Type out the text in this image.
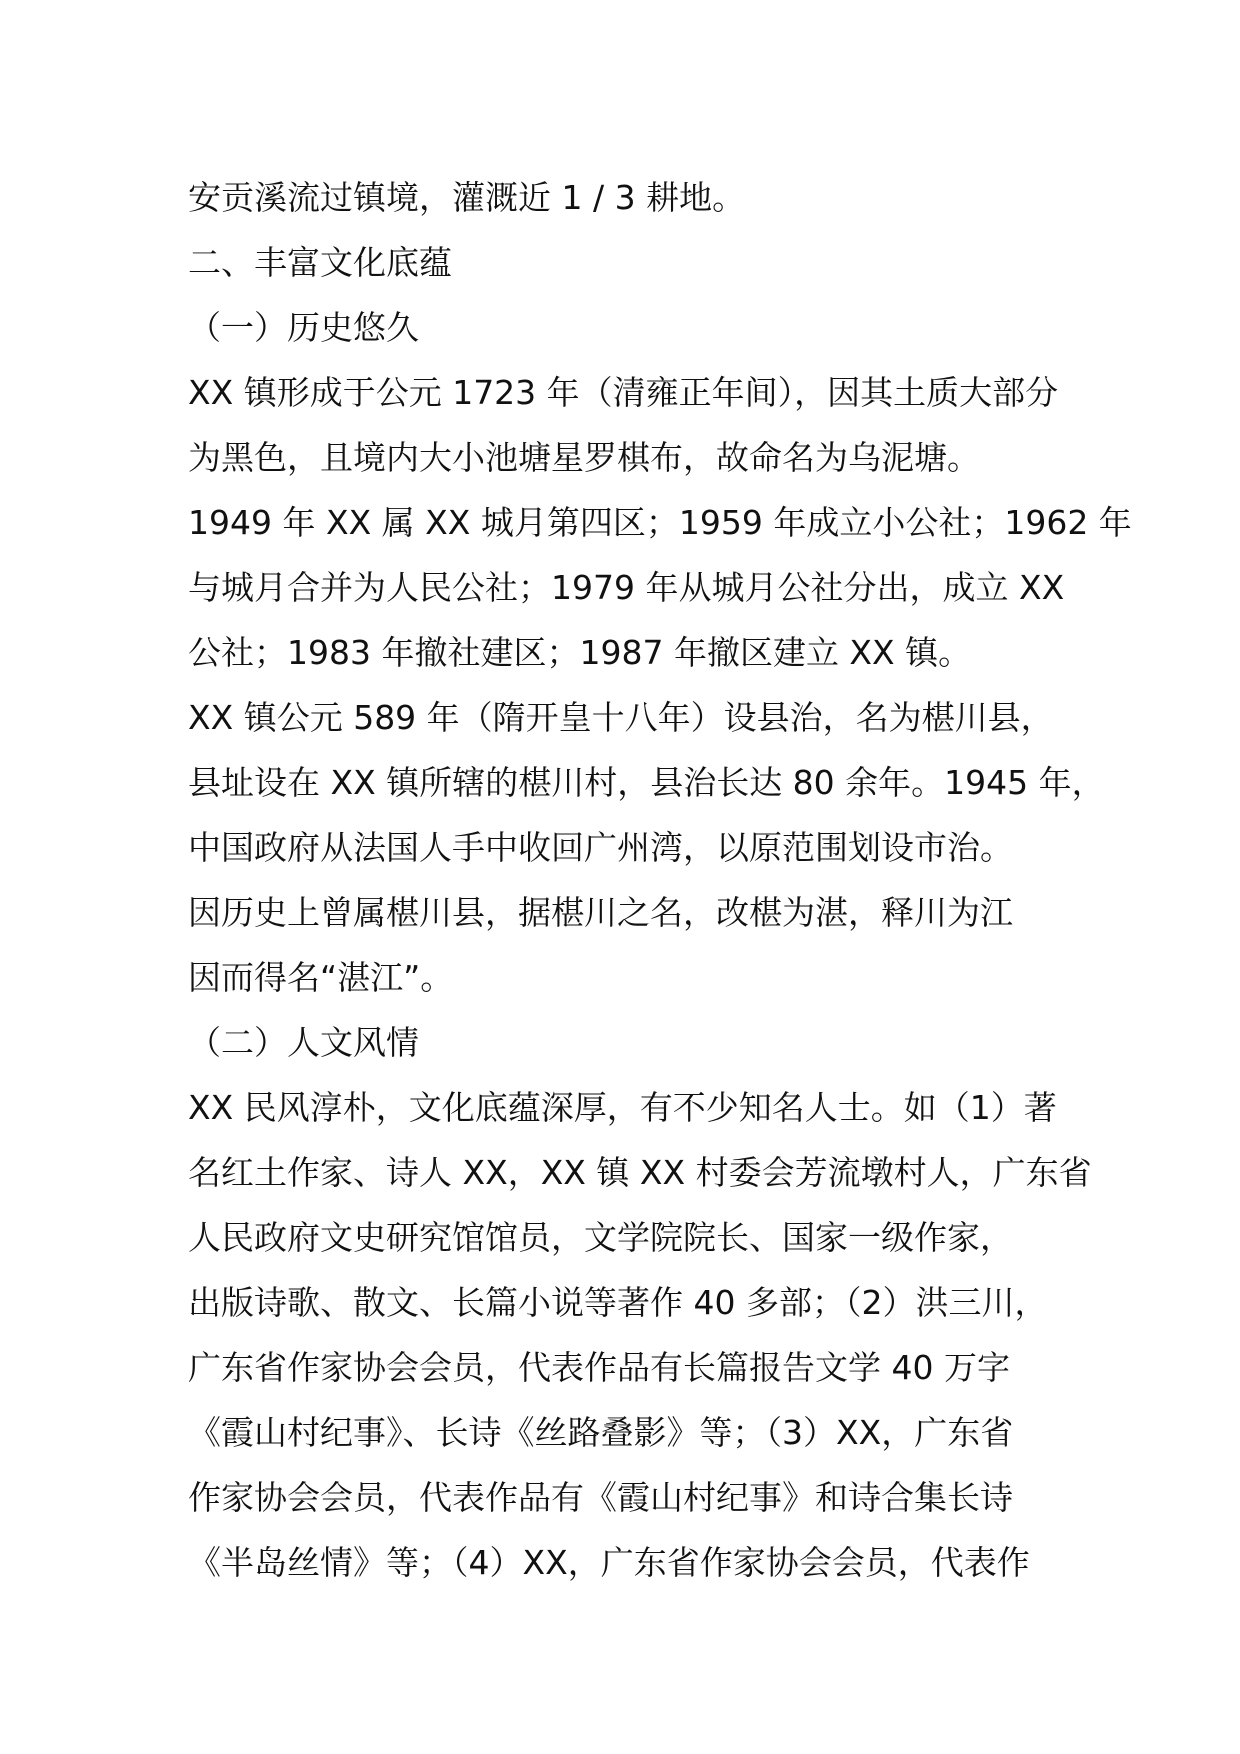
安贡溪流过镇境，灌溉近 1 / 3 耕地。
二、丰富文化底蕴
（一）历史悠久
XX 镇形成于公元 1723 年（清雍正年间），因其土质大部分
为黑色，且境内大小池塘星罗棋布，故命名为乌泥塘。
1949 年 XX 属 XX 城月第四区；1959 年成立小公社；1962 年
与城月合并为人民公社；1979 年从城月公社分出，成立 XX
公社；1983 年撤社建区；1987 年撤区建立 XX 镇。
XX 镇公元 589 年（隋开皇十八年）设县治，名为椹川县，
县址设在 XX 镇所辖的椹川村，县治长达 80 余年。1945 年，
中国政府从法国人手中收回广州湾，以原范围划设市治。
因历史上曾属椹川县，据椹川之名，改椹为湛，释川为江
因而得名“湛江”。
（二）人文风情
XX 民风淳朴，文化底蕴深厚，有不少知名人士。如（1）著
名红土作家、诗人 XX，XX 镇 XX 村委会芳流墩村人，广东省
人民政府文史研究馆馆员，文学院院长、国家一级作家，
出版诗歌、散文、长篇小说等著作 40 多部；（2）洪三川，
广东省作家协会会员，代表作品有长篇报告文学 40 万字
《霞山村纪事》、长诗《丝路叠影》等；（3）XX，广东省
作家协会会员，代表作品有《霞山村纪事》和诗合集长诗
《半岛丝情》等；（4）XX，广东省作家协会会员，代表作
